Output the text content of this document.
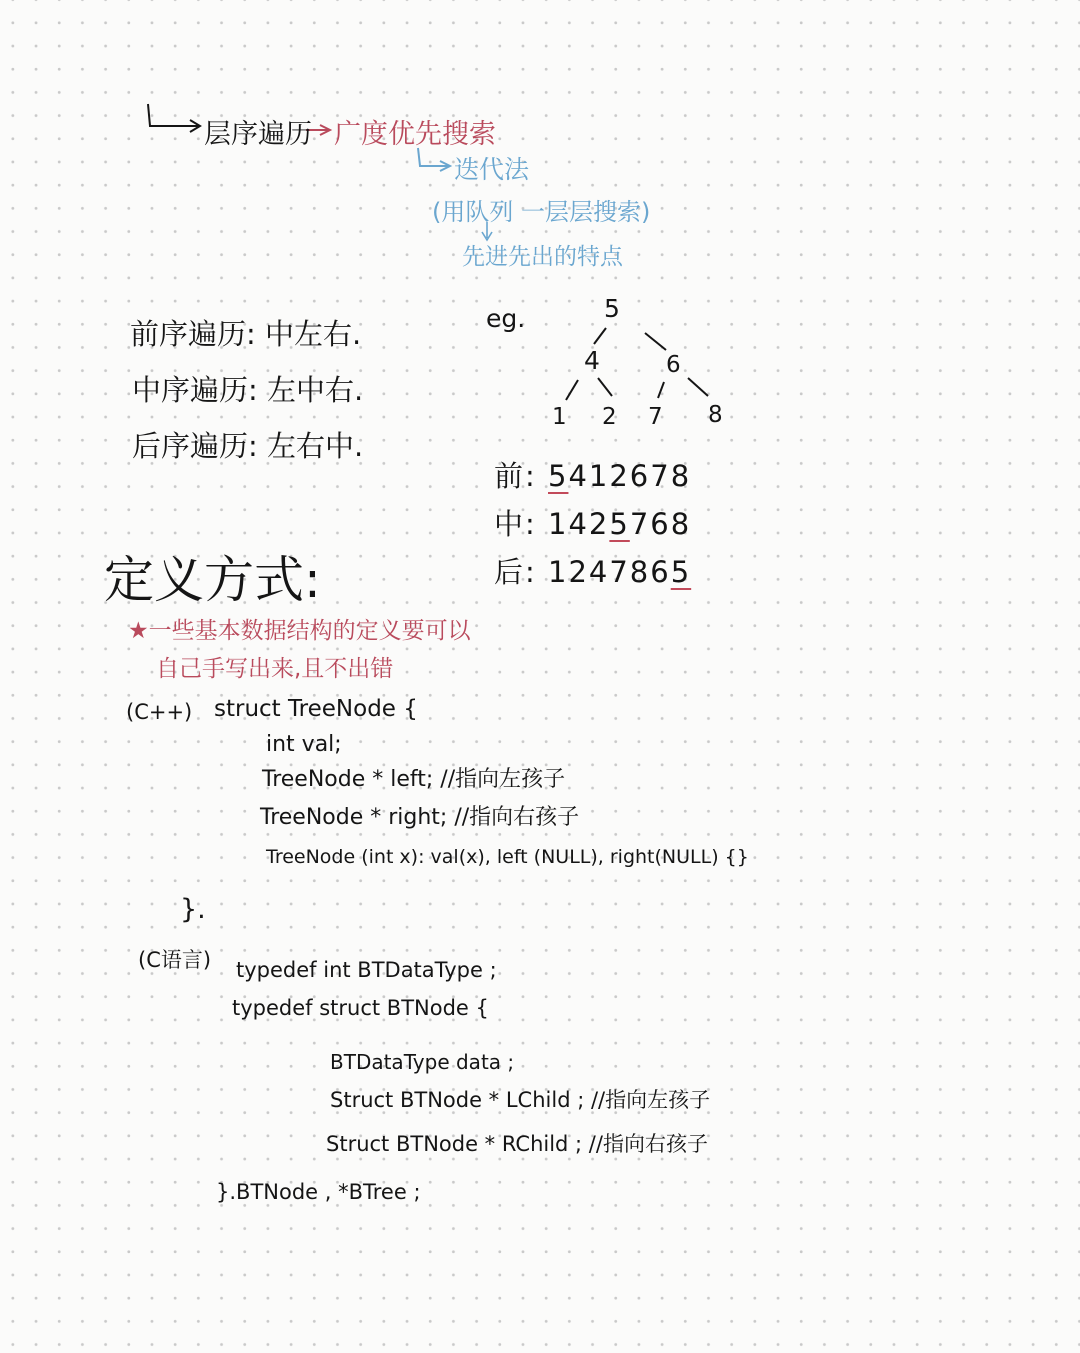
层序遍历 广度优先搜索
迭代法
(用队列 一层层搜索)
先进先出的特点
前序遍历: 中左右.
中序遍历: 左中右.
后序遍历: 左右中.
eg.	5
4	6
1 2 7 8
前: 5412678
中: 1425768
后: 1247865
定义方式:
★一些基本数据结构的定义要可以
自己手写出来,且不出错
(C++) struct TreeNode {
int val;
TreeNode * left; //指向左孩子
TreeNode * right; //指向右孩子
TreeNode (int x): val(x), left (NULL), right(NULL) {}
}.
(C语言) typedef int BTDataType ;
typedef struct BTNode {
BTDataType data ;
Struct BTNode * LChild ; //指向左孩子
Struct BTNode * RChild ; //指向右孩子
}.BTNode , *BTree ;
